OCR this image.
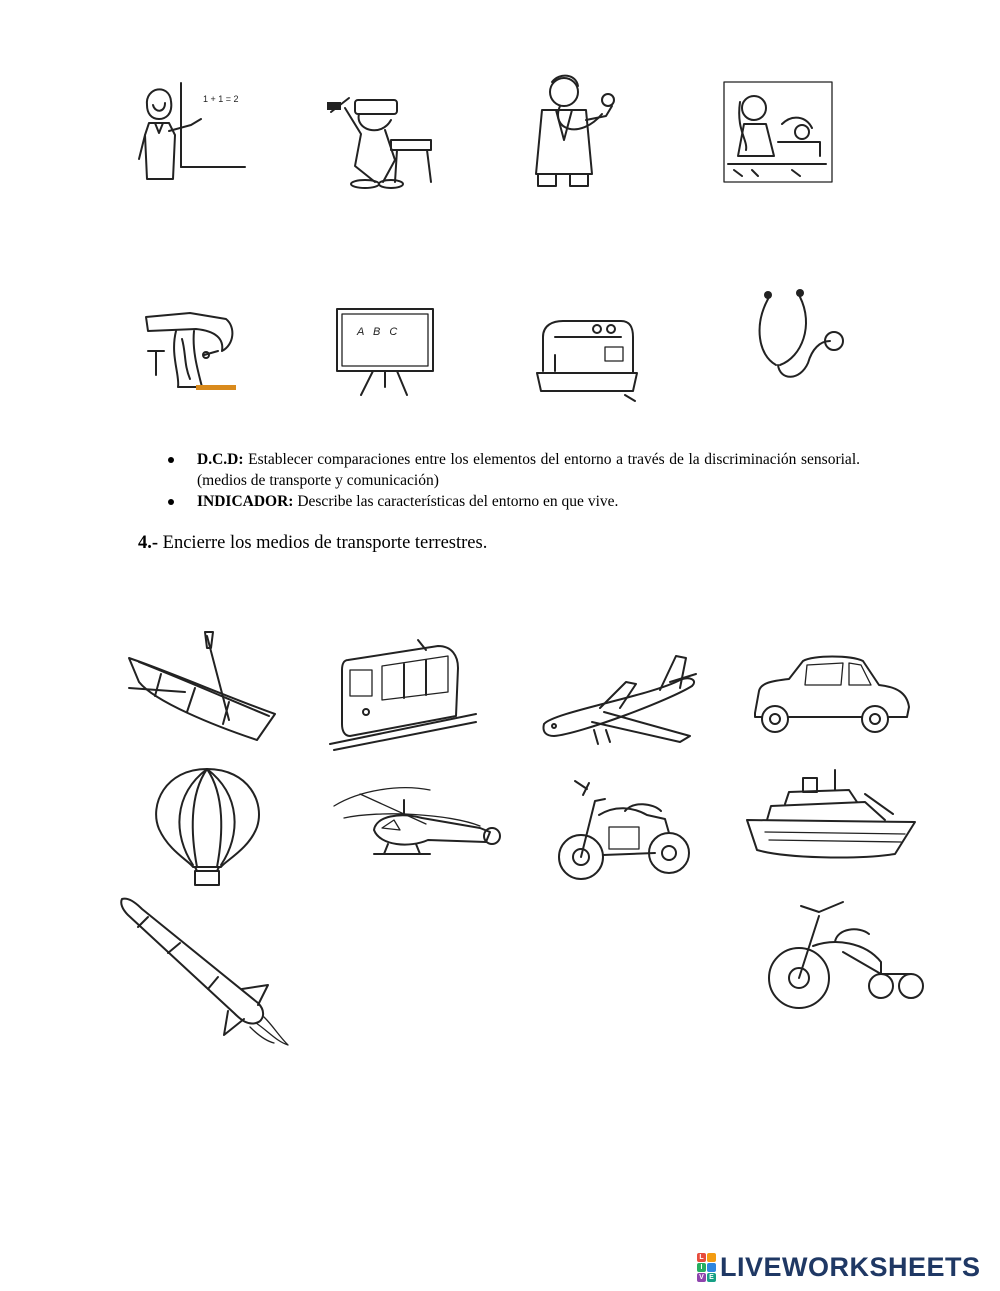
1 + 1 = 2
A B C
D.C.D: Establecer comparaciones entre los elementos del entorno a través de la discriminación sensorial. (medios de transporte y comunicación)
INDICADOR: Describe las características del entorno en que vive.
4.- Encierre los medios de transporte terrestres.
L
I
V E LIVEWORKSHEETS
